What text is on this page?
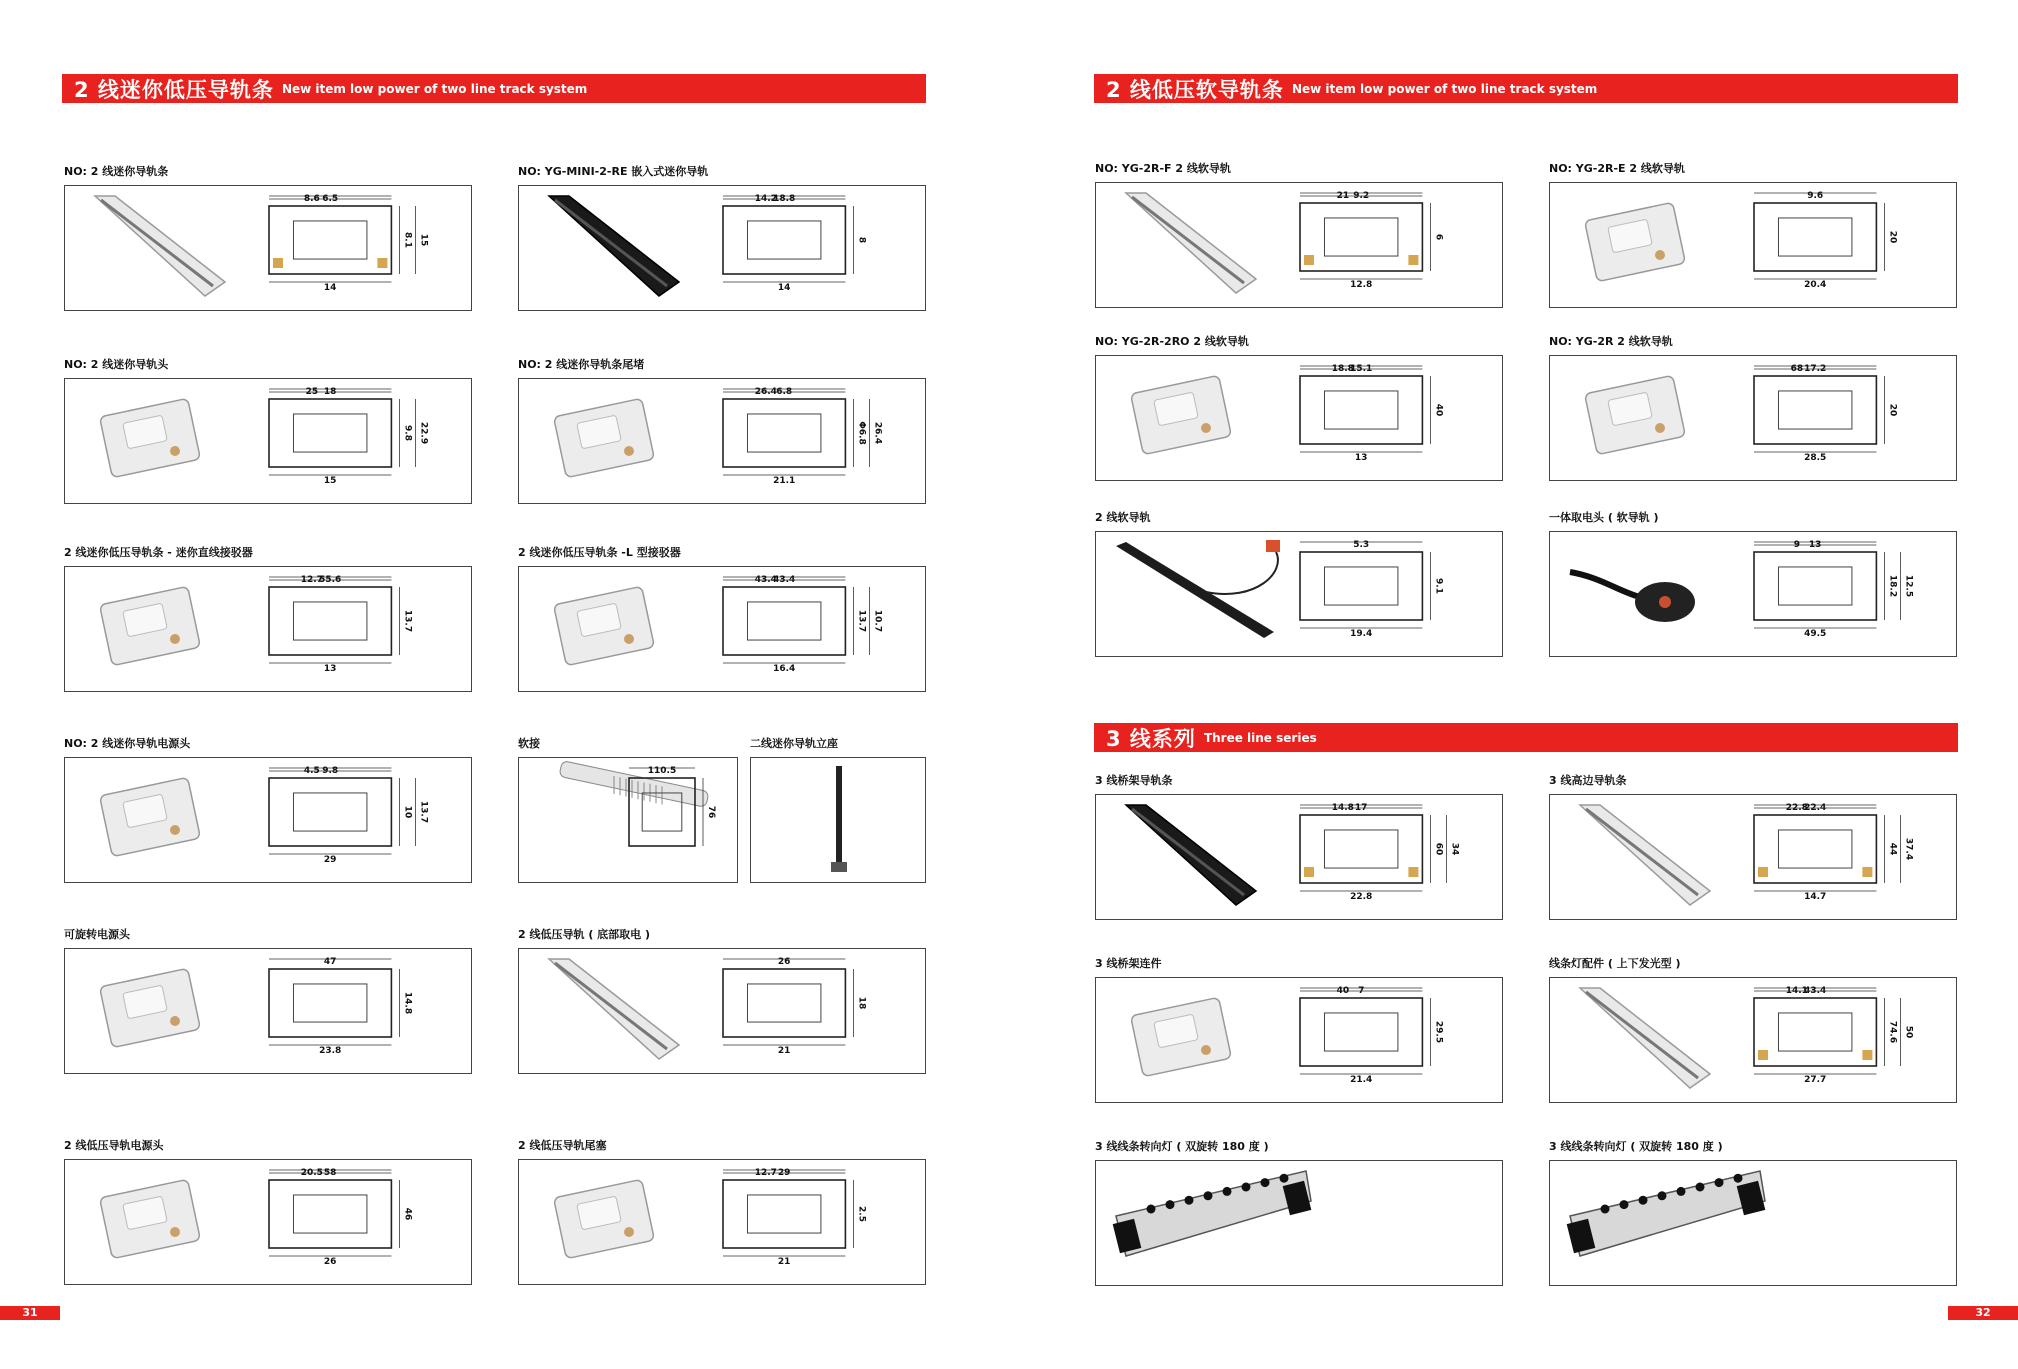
2 线迷你低压导轨条 New item low power of two line track system	2 线低压软导轨条 New item low power of two line track system
3 线系列 Three line series
NO: 2 线迷你导轨条
6.5
8.1
14
8.6
15
NO: YG-MINI-2-RE 嵌入式迷你导轨
18.8
8
14
14.2
NO: 2 线迷你导轨头
18
9.8
15
25
22.9
NO: 2 线迷你导轨条尾堵
6.8
Φ6.8
21.1
26.4
26.4
2 线迷你低压导轨条 - 迷你直线接驳器
55.6
13.7
13
12.7
2 线迷你低压导轨条 -L 型接驳器
43.4
13.7
16.4
43.4
10.7
NO: 2 线迷你导轨电源头
9.8
10
29
4.5
13.7
软接
110.5
76
二线迷你导轨立座
可旋转电源头
47
14.8
23.8
2 线低压导轨 ( 底部取电 )
26
18
21
2 线低压导轨电源头
58
46
26
20.5
2 线低压导轨尾塞
29
2.5
21
12.7
NO: YG-2R-F 2 线软导轨
9.2
6
12.8
21
NO: YG-2R-E 2 线软导轨
9.6
20
20.4
NO: YG-2R-2RO 2 线软导轨
15.1
40
13
18.8
NO: YG-2R 2 线软导轨
17.2
20
28.5
68
2 线软导轨
5.3
9.1
19.4
一体取电头 ( 软导轨 )
13
18.2
49.5
9
12.5
3 线桥架导轨条
17
60
22.8
14.8
34
3 线高边导轨条
22.4
44
14.7
22.8
37.4
3 线桥架连件
7
29.5
21.4
40
线条灯配件 ( 上下发光型 )
43.4
74.6
27.7
14.1
50
3 线线条转向灯 ( 双旋转 180 度 )	3 线线条转向灯 ( 双旋转 180 度 )
31	32
